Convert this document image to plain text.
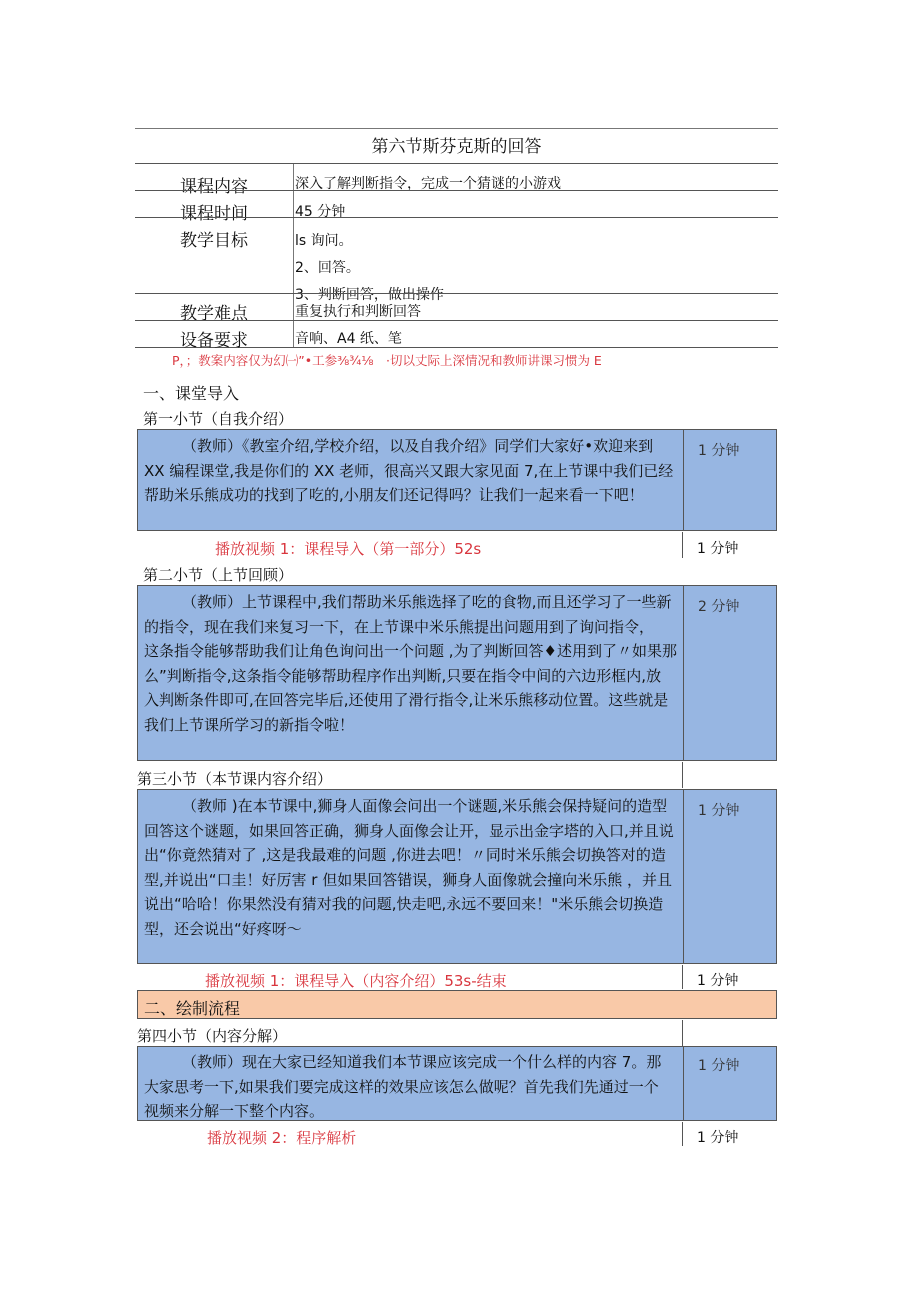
第六节斯芬克斯的回答
课程内容	深入了解判断指令，完成一个猜谜的小游戏
课程时间	45 分钟
教学目标	ls 询问。
2、回答。
3、判断回答，做出操作
教学难点	重复执行和判断回答
设备要求	音响、A4 纸、笔
P，；教案内容仅为幻㈠”•工参⅜¾⅛　·切以丈际上深情况和教师讲课习惯为 E
一、课堂导入
第一小节（自我介绍）
（教师）《教室介绍,学校介绍，以及自我介绍》同学们大家好•欢迎来到
XX 编程课堂,我是你们的 XX 老师，很高兴又跟大家见面 7,在上节课中我们已经
帮助米乐熊成功的找到了吃的,小朋友们还记得吗？让我们一起来看一下吧！
1 分钟
播放视频 1：课程导入（第一部分）52s	1 分钟
第二小节（上节回顾）
（教师）上节课程中,我们帮助米乐熊选择了吃的食物,而且还学习了一些新
的指令，现在我们来复习一下，在上节课中米乐熊提出问题用到了询问指令，
这条指令能够帮助我们让角色询问出一个问题 ,为了判断回答♦述用到了〃如果那
么”判断指令,这条指令能够帮助程序作出判断,只要在指令中间的六边形框内,放
入判断条件即可,在回答完毕后,还使用了滑行指令,让米乐熊移动位置。这些就是
我们上节课所学习的新指令啦！
2 分钟
第三小节（本节课内容介绍）
（教师 )在本节课中,狮身人面像会问出一个谜题,米乐熊会保持疑问的造型
回答这个谜题，如果回答正确，狮身人面像会让开，显示出金字塔的入口,并且说
出“你竟然猜对了 ,这是我最难的问题 ,你进去吧！〃同时米乐熊会切换答对的造
型,并说出“口圭！好厉害 r 但如果回答错误，狮身人面像就会撞向米乐熊 ，并且
说出“哈哈！你果然没有猜对我的问题,快走吧,永远不要回来！"米乐熊会切换造
型，还会说出“好疼呀〜
1 分钟
播放视频 1：课程导入（内容介绍）53s-结束	1 分钟
二、绘制流程
第四小节（内容分解）
（教师）现在大家已经知道我们本节课应该完成一个什么样的内容 7。那
大家思考一下,如果我们要完成这样的效果应该怎么做呢？首先我们先通过一个
视频来分解一下整个内容。
1 分钟
播放视频 2：程序解析	1 分钟
